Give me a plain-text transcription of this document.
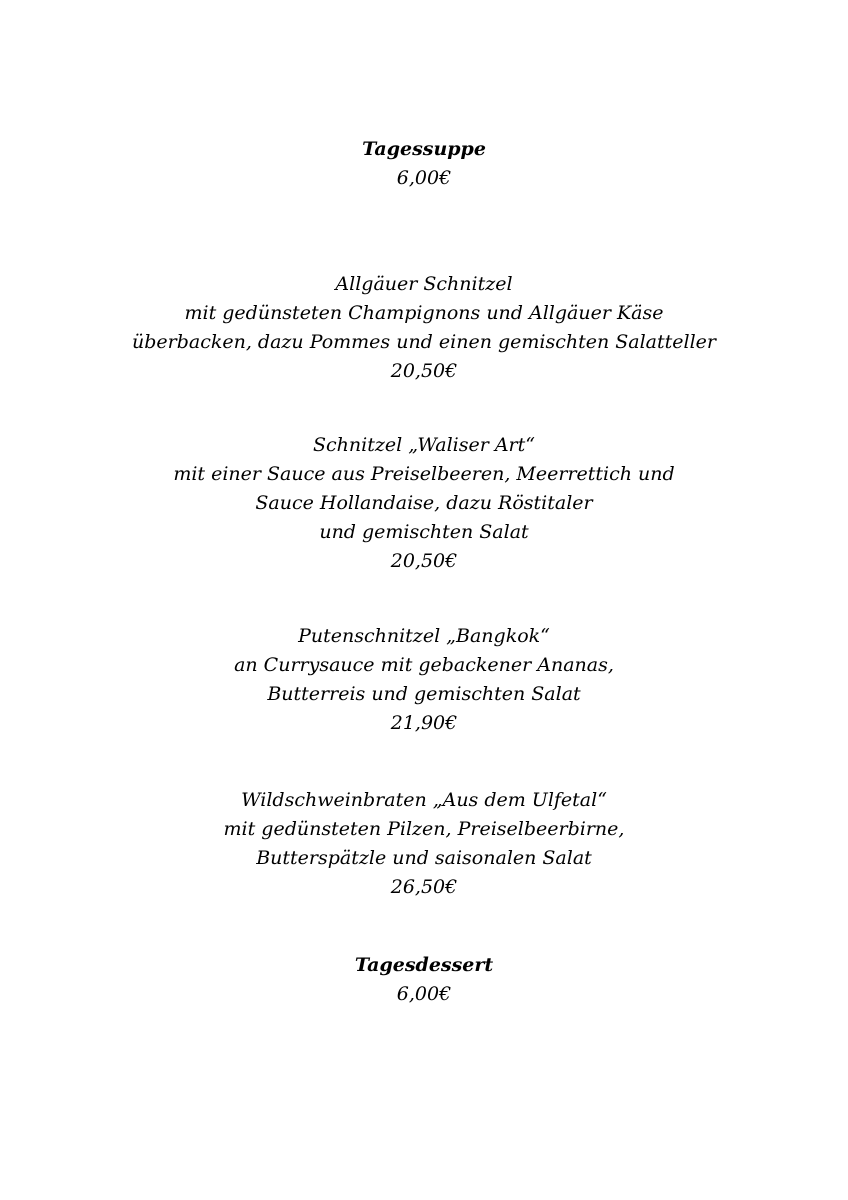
Tagessuppe
6,00€
Allgäuer Schnitzel
mit gedünsteten Champignons und Allgäuer Käse
überbacken, dazu Pommes und einen gemischten Salatteller
20,50€
Schnitzel „Waliser Art“
mit einer Sauce aus Preiselbeeren, Meerrettich und
Sauce Hollandaise, dazu Röstitaler
und gemischten Salat
20,50€
Putenschnitzel „Bangkok“
an Currysauce mit gebackener Ananas,
Butterreis und gemischten Salat
21,90€
Wildschweinbraten „Aus dem Ulfetal“
mit gedünsteten Pilzen, Preiselbeerbirne,
Butterspätzle und saisonalen Salat
26,50€
Tagesdessert
6,00€
